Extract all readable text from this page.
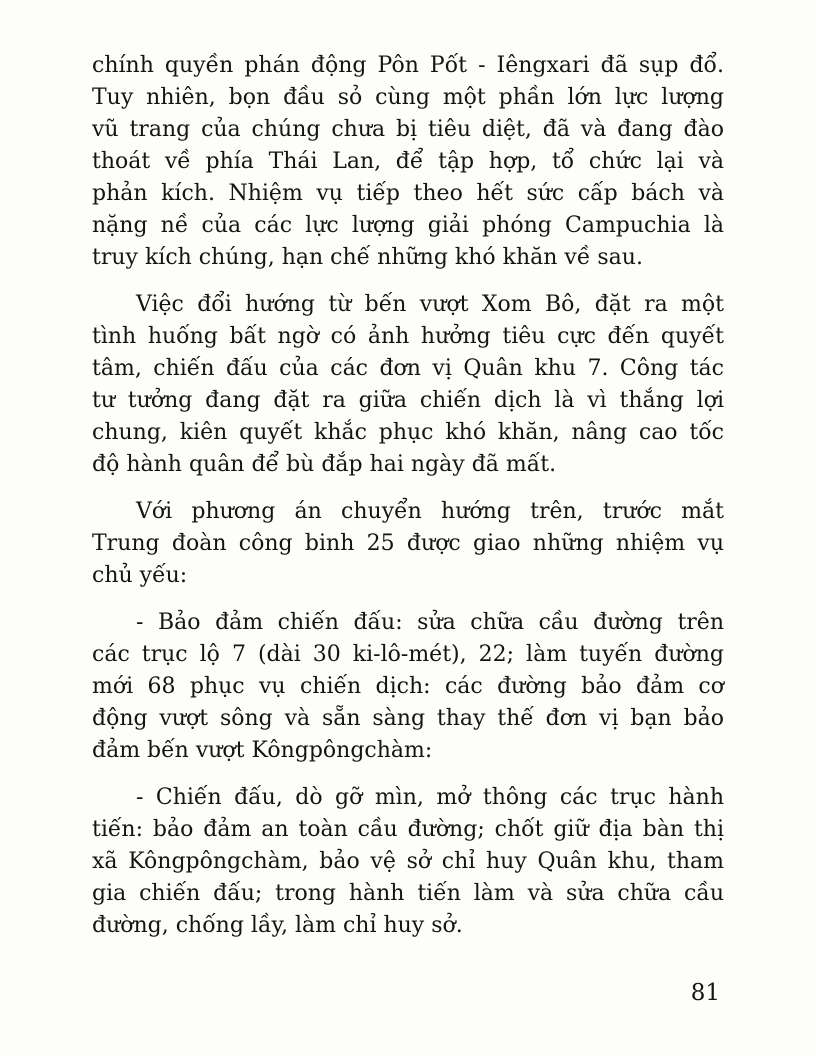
chính quyền phán động Pôn Pốt - Iêngxari đã sụp đổ.
Tuy nhiên, bọn đầu sỏ cùng một phần lớn lực lượng
vũ trang của chúng chưa bị tiêu diệt, đã và đang đào
thoát về phía Thái Lan, để tập hợp, tổ chức lại và
phản kích. Nhiệm vụ tiếp theo hết sức cấp bách và
nặng nề của các lực lượng giải phóng Campuchia là
truy kích chúng, hạn chế những khó khăn về sau.

Việc đổi hướng từ bến vượt Xom Bô, đặt ra một
tình huống bất ngờ có ảnh hưởng tiêu cực đến quyết
tâm, chiến đấu của các đơn vị Quân khu 7. Công tác
tư tưởng đang đặt ra giữa chiến dịch là vì thắng lợi
chung, kiên quyết khắc phục khó khăn, nâng cao tốc
độ hành quân để bù đắp hai ngày đã mất.

Với phương án chuyển hướng trên, trước mắt
Trung đoàn công binh 25 được giao những nhiệm vụ
chủ yếu:

- Bảo đảm chiến đấu: sửa chữa cầu đường trên
các trục lộ 7 (dài 30 ki-lô-mét), 22; làm tuyến đường
mới 68 phục vụ chiến dịch: các đường bảo đảm cơ
động vượt sông và sẵn sàng thay thế đơn vị bạn bảo
đảm bến vượt Kôngpôngchàm:

- Chiến đấu, dò gỡ mìn, mở thông các trục hành
tiến: bảo đảm an toàn cầu đường; chốt giữ địa bàn thị
xã Kôngpôngchàm, bảo vệ sở chỉ huy Quân khu, tham
gia chiến đấu; trong hành tiến làm và sửa chữa cầu
đường, chống lầy, làm chỉ huy sở.

81
